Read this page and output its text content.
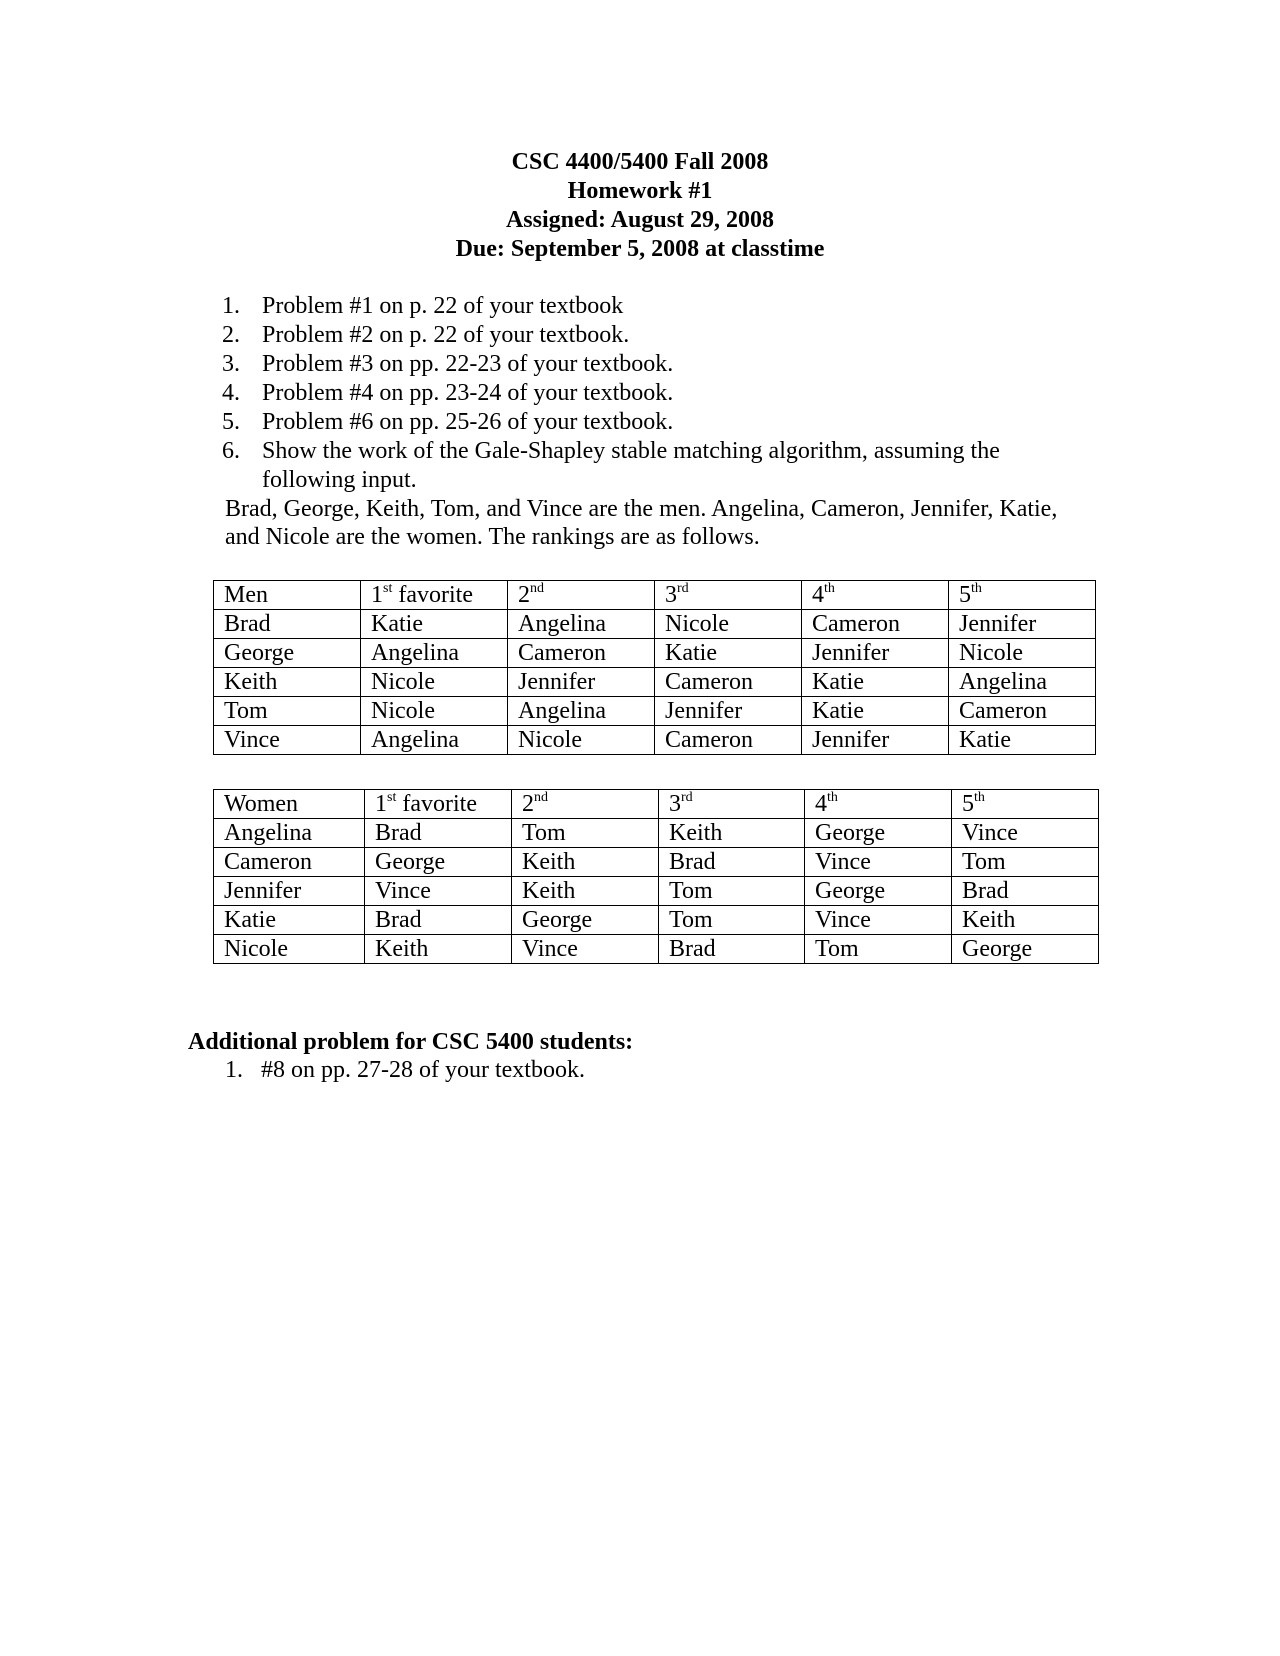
CSC 4400/5400 Fall 2008
Homework #1
Assigned: August 29, 2008
Due: September 5, 2008 at classtime
1. Problem #1 on p. 22 of your textbook
2. Problem #2 on p. 22 of your textbook.
3. Problem #3 on pp. 22-23 of your textbook.
4. Problem #4 on pp. 23-24 of your textbook.
5. Problem #6 on pp. 25-26 of your textbook.
6. Show the work of the Gale-Shapley stable matching algorithm, assuming the following input.
Brad, George, Keith, Tom, and Vince are the men. Angelina, Cameron, Jennifer, Katie, and Nicole are the women. The rankings are as follows.
Men	1st favorite	2nd	3rd	4th	5th
Brad	Katie	Angelina	Nicole	Cameron	Jennifer
George	Angelina	Cameron	Katie	Jennifer	Nicole
Keith	Nicole	Jennifer	Cameron	Katie	Angelina
Tom	Nicole	Angelina	Jennifer	Katie	Cameron
Vince	Angelina	Nicole	Cameron	Jennifer	Katie
Women	1st favorite	2nd	3rd	4th	5th
Angelina	Brad	Tom	Keith	George	Vince
Cameron	George	Keith	Brad	Vince	Tom
Jennifer	Vince	Keith	Tom	George	Brad
Katie	Brad	George	Tom	Vince	Keith
Nicole	Keith	Vince	Brad	Tom	George
Additional problem for CSC 5400 students:
1. #8 on pp. 27-28 of your textbook.
